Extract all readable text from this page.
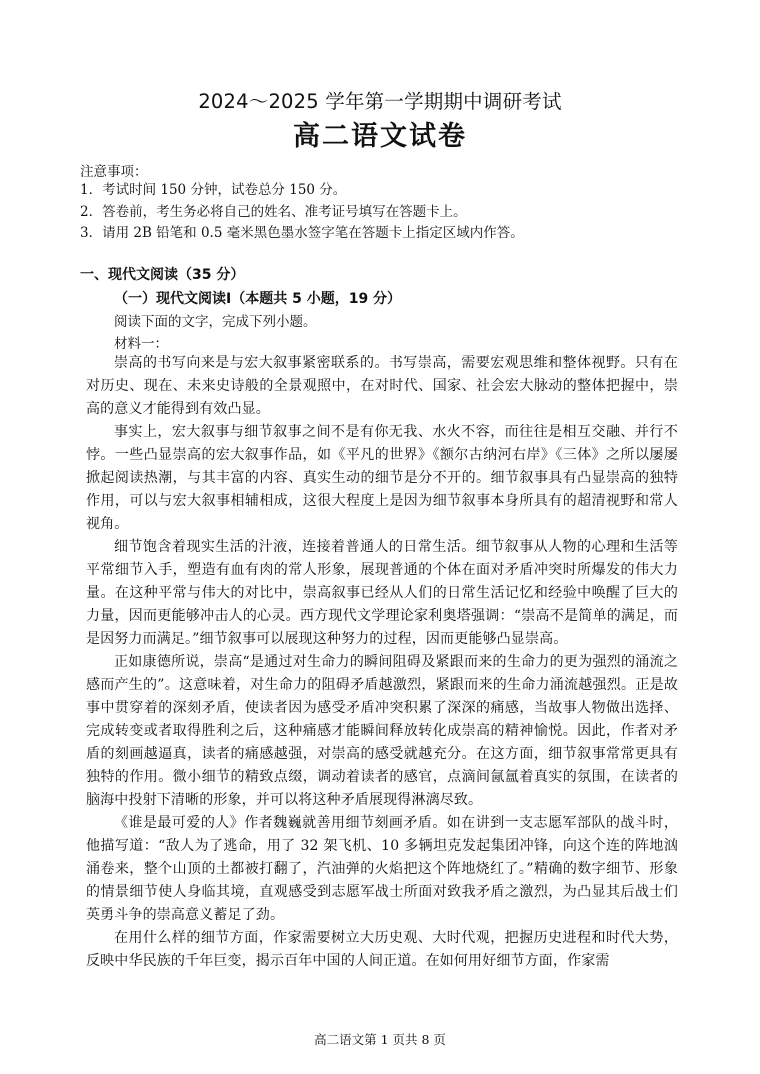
2024～2025 学年第一学期期中调研考试
高二语文试卷
注意事项：
1．考试时间 150 分钟，试卷总分 150 分。
2．答卷前，考生务必将自己的姓名、准考证号填写在答题卡上。
3．请用 2B 铅笔和 0.5 毫米黑色墨水签字笔在答题卡上指定区域内作答。
一、现代文阅读（35 分）
（一）现代文阅读Ⅰ（本题共 5 小题，19 分）
阅读下面的文字，完成下列小题。
材料一：

崇高的书写向来是与宏大叙事紧密联系的。书写崇高，需要宏观思维和整体视野。只有在对历史、现在、未来史诗般的全景观照中，在对时代、国家、社会宏大脉动的整体把握中，崇高的意义才能得到有效凸显。

事实上，宏大叙事与细节叙事之间不是有你无我、水火不容，而往往是相互交融、并行不悖。一些凸显崇高的宏大叙事作品，如《平凡的世界》《额尔古纳河右岸》《三体》之所以屡屡掀起阅读热潮，与其丰富的内容、真实生动的细节是分不开的。细节叙事具有凸显崇高的独特作用，可以与宏大叙事相辅相成，这很大程度上是因为细节叙事本身所具有的超清视野和常人视角。

细节饱含着现实生活的汁液，连接着普通人的日常生活。细节叙事从人物的心理和生活等平常细节入手，塑造有血有肉的常人形象，展现普通的个体在面对矛盾冲突时所爆发的伟大力量。在这种平常与伟大的对比中，崇高叙事已经从人们的日常生活记忆和经验中唤醒了巨大的力量，因而更能够冲击人的心灵。西方现代文学理论家利奥塔强调：“崇高不是简单的满足，而是因努力而满足。”细节叙事可以展现这种努力的过程，因而更能够凸显崇高。

正如康德所说，崇高“是通过对生命力的瞬间阻碍及紧跟而来的生命力的更为强烈的涌流之感而产生的”。这意味着，对生命力的阻碍矛盾越激烈，紧跟而来的生命力涌流越强烈。正是故事中贯穿着的深刻矛盾，使读者因为感受矛盾冲突积累了深深的痛感，当故事人物做出选择、完成转变或者取得胜利之后，这种痛感才能瞬间释放转化成崇高的精神愉悦。因此，作者对矛盾的刻画越逼真，读者的痛感越强，对崇高的感受就越充分。在这方面，细节叙事常常更具有独特的作用。微小细节的精致点缀，调动着读者的感官，点滴间氤氲着真实的氛围，在读者的脑海中投射下清晰的形象，并可以将这种矛盾展现得淋漓尽致。

《谁是最可爱的人》作者魏巍就善用细节刻画矛盾。如在讲到一支志愿军部队的战斗时，他描写道：“敌人为了逃命，用了 32 架飞机、10 多辆坦克发起集团冲锋，向这个连的阵地汹涌卷来，整个山顶的土都被打翻了，汽油弹的火焰把这个阵地烧红了。”精确的数字细节、形象的情景细节使人身临其境，直观感受到志愿军战士所面对致我矛盾之激烈，为凸显其后战士们英勇斗争的崇高意义蓄足了劲。

在用什么样的细节方面，作家需要树立大历史观、大时代观，把握历史进程和时代大势，反映中华民族的千年巨变，揭示百年中国的人间正道。在如何用好细节方面，作家需

高二语文第 1 页共 8 页
